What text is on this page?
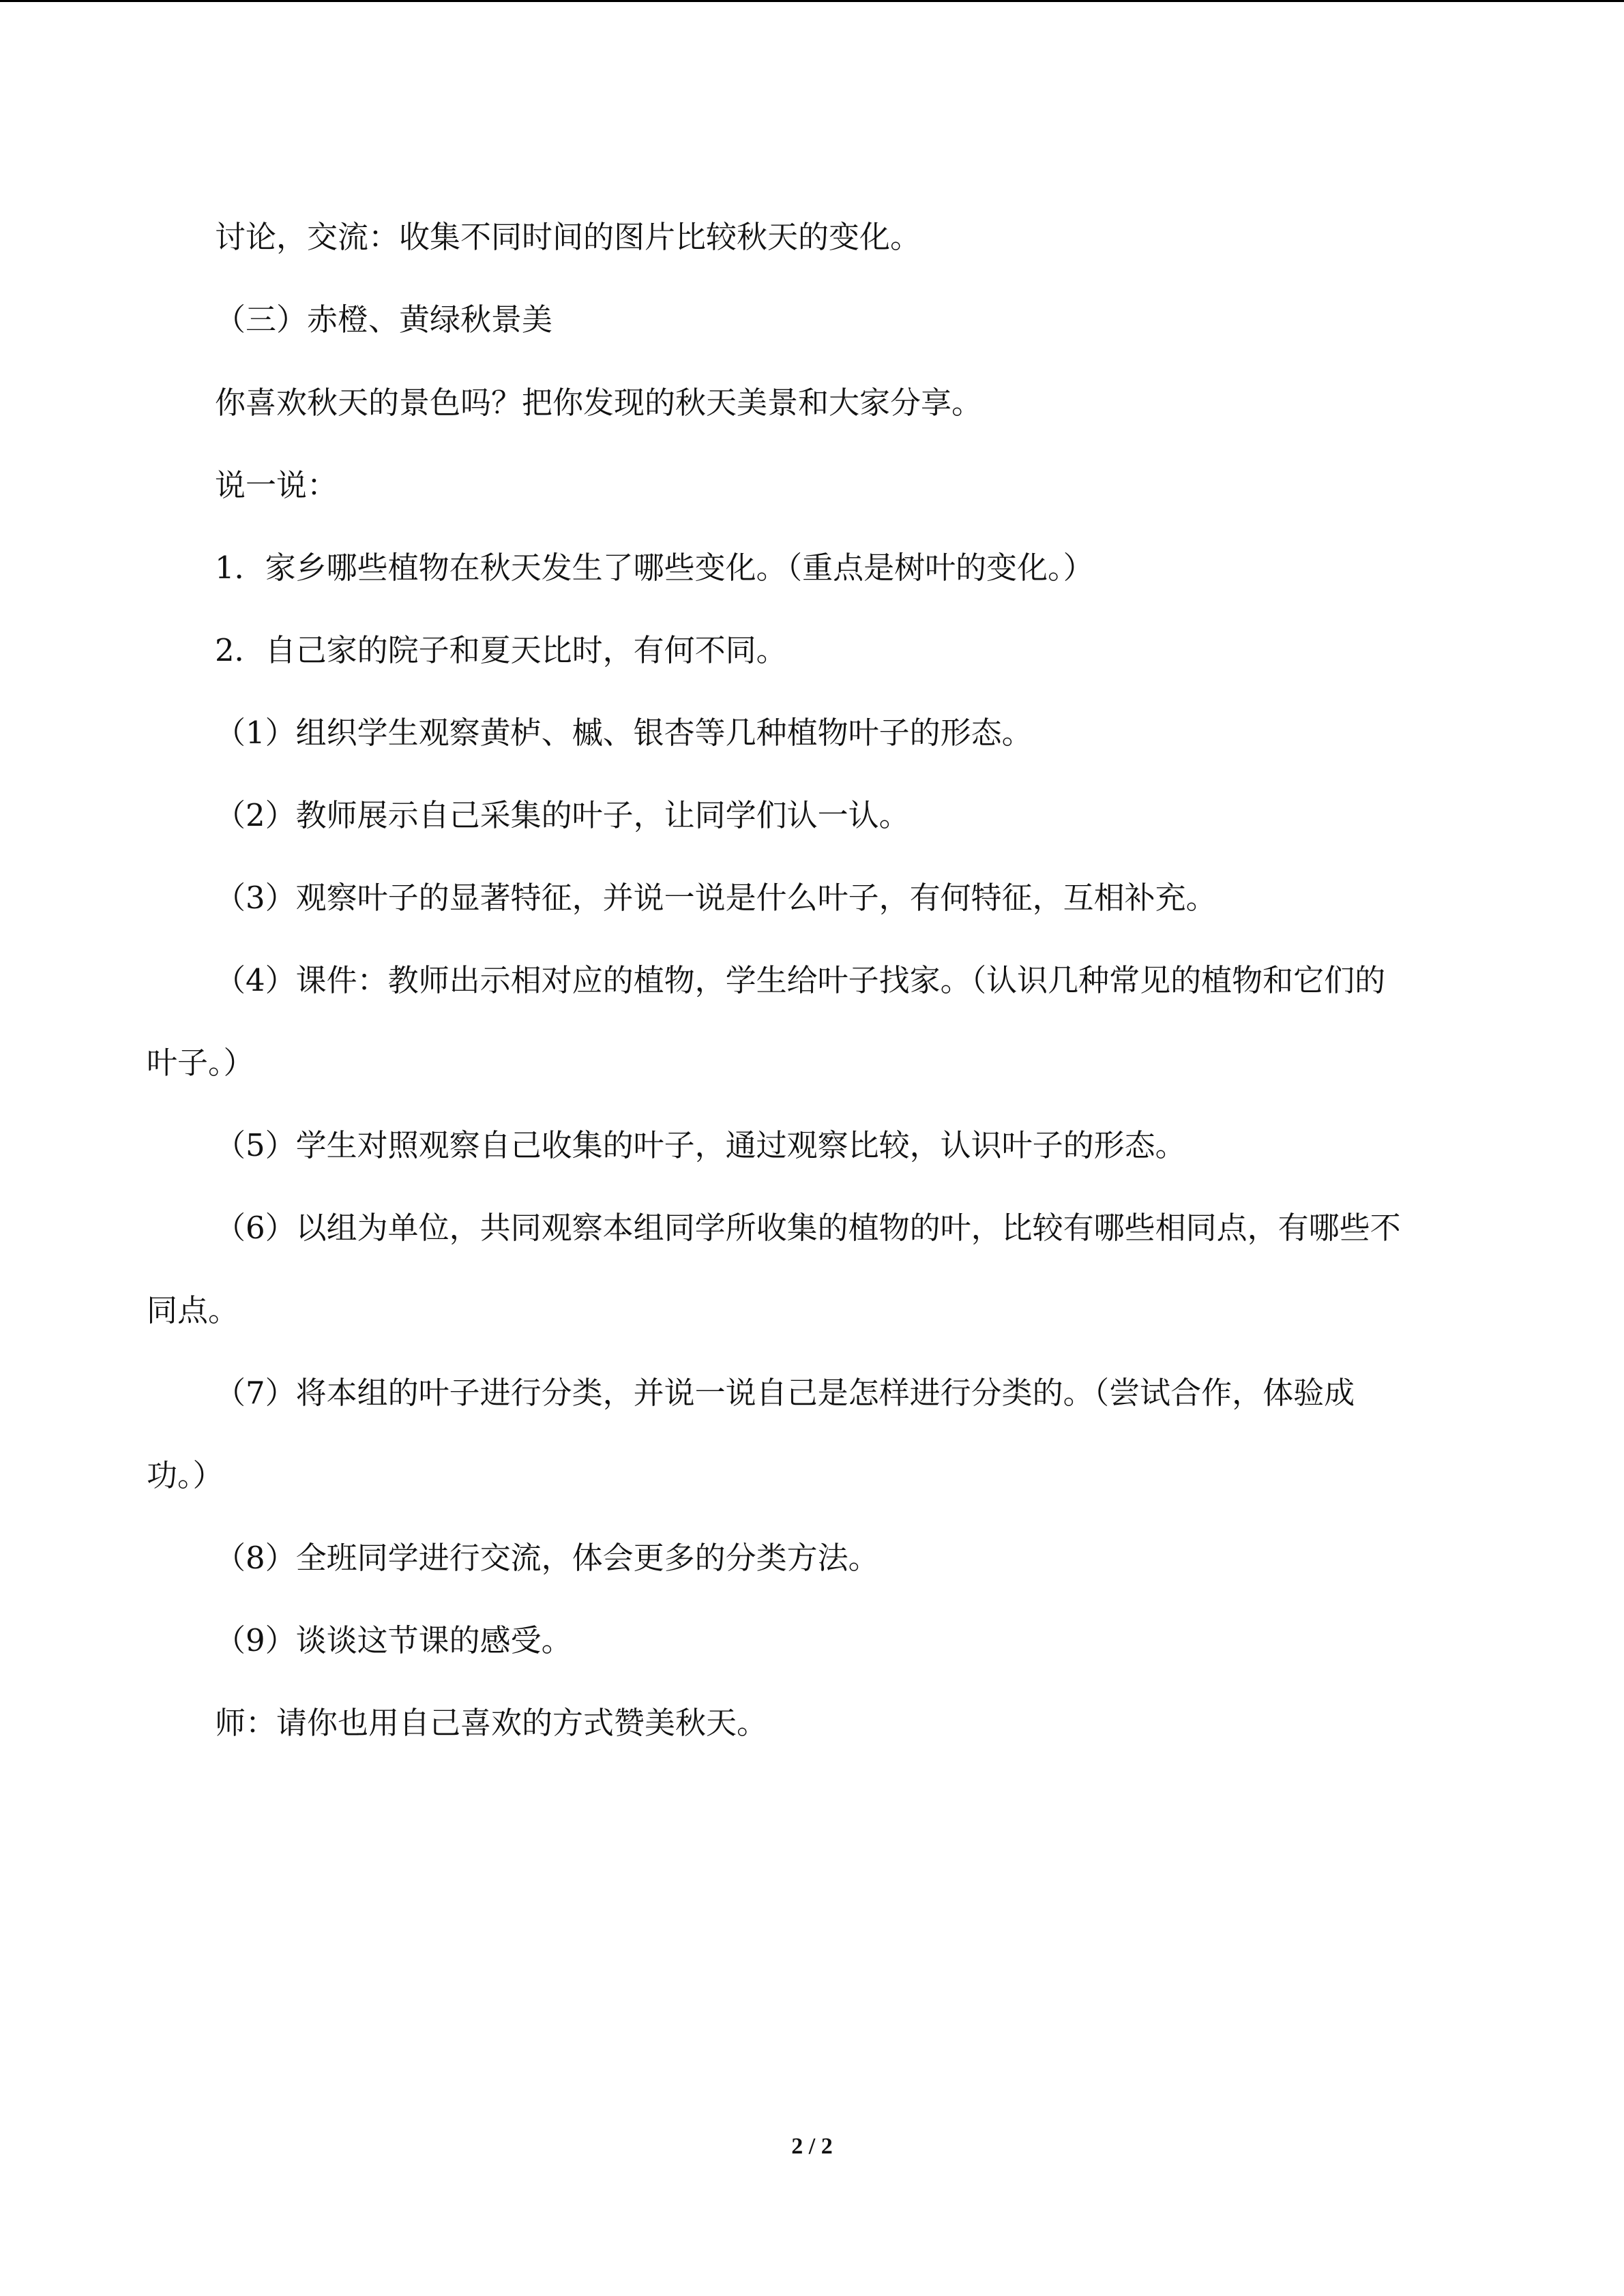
讨论，交流：收集不同时间的图片比较秋天的变化。
（三）赤橙、黄绿秋景美
你喜欢秋天的景色吗？把你发现的秋天美景和大家分享。
说一说：
1．家乡哪些植物在秋天发生了哪些变化。（重点是树叶的变化。）
2．自己家的院子和夏天比时，有何不同。
（1）组织学生观察黄栌、槭、银杏等几种植物叶子的形态。
（2）教师展示自己采集的叶子，让同学们认一认。
（3）观察叶子的显著特征，并说一说是什么叶子，有何特征，互相补充。
（4）课件：教师出示相对应的植物，学生给叶子找家。（认识几种常见的植物和它们的
叶子。）
（5）学生对照观察自己收集的叶子，通过观察比较，认识叶子的形态。
（6）以组为单位，共同观察本组同学所收集的植物的叶，比较有哪些相同点，有哪些不
同点。
（7）将本组的叶子进行分类，并说一说自己是怎样进行分类的。（尝试合作，体验成
功。）
（8）全班同学进行交流，体会更多的分类方法。
（9）谈谈这节课的感受。
师：请你也用自己喜欢的方式赞美秋天。
2 / 2
